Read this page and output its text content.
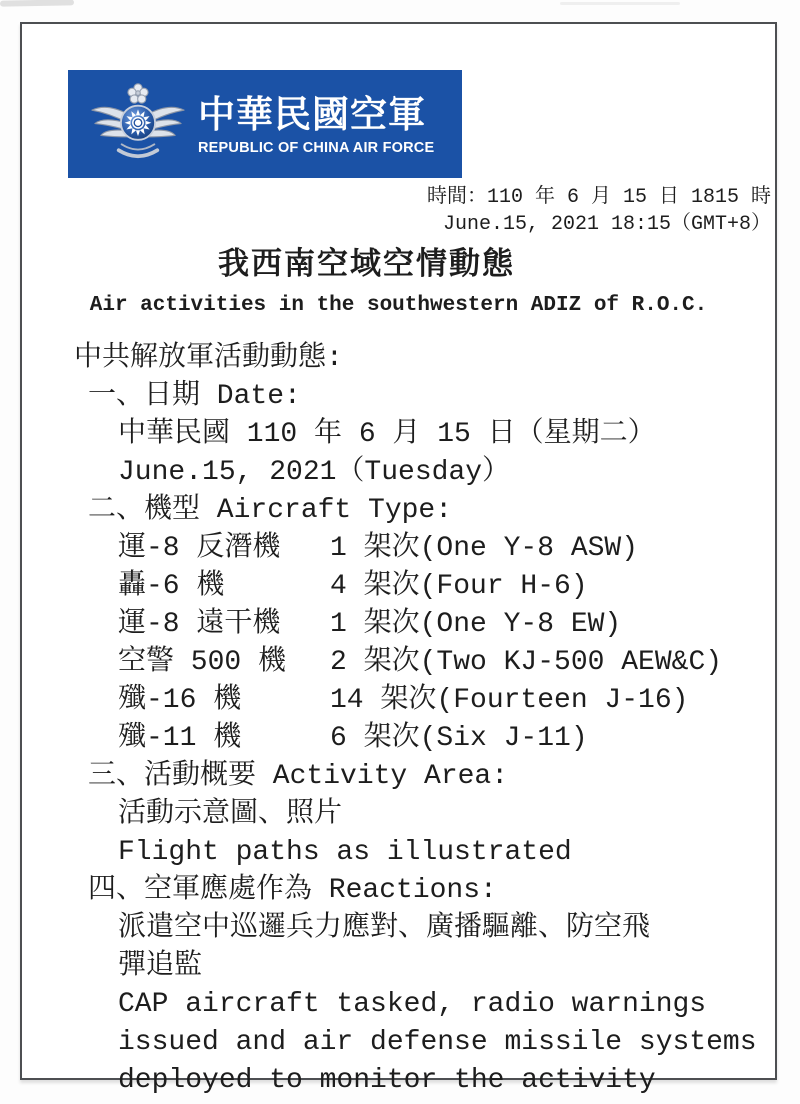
中華民國空軍
REPUBLIC OF CHINA AIR FORCE
時間：110 年 6 月 15 日 1815 時
June.15, 2021 18:15（GMT+8）
我西南空域空情動態
Air activities in the southwestern ADIZ of R.O.C.
中共解放軍活動動態:
一、日期 Date:
中華民國 110 年 6 月 15 日（星期二）
June.15, 2021（Tuesday）
二、機型 Aircraft Type:
運-8 反潛機	1 架次(One Y-8 ASW)
轟-6 機	4 架次(Four H-6)
運-8 遠干機	1 架次(One Y-8 EW)
空警 500 機	2 架次(Two KJ-500 AEW&C)
殲-16 機	14 架次(Fourteen J-16)
殲-11 機	6 架次(Six J-11)
三、活動概要 Activity Area:
活動示意圖、照片
Flight paths as illustrated
四、空軍應處作為 Reactions:
派遣空中巡邏兵力應對、廣播驅離、防空飛
彈追監
CAP aircraft tasked, radio warnings
issued and air defense missile systems
deployed to monitor the activity
